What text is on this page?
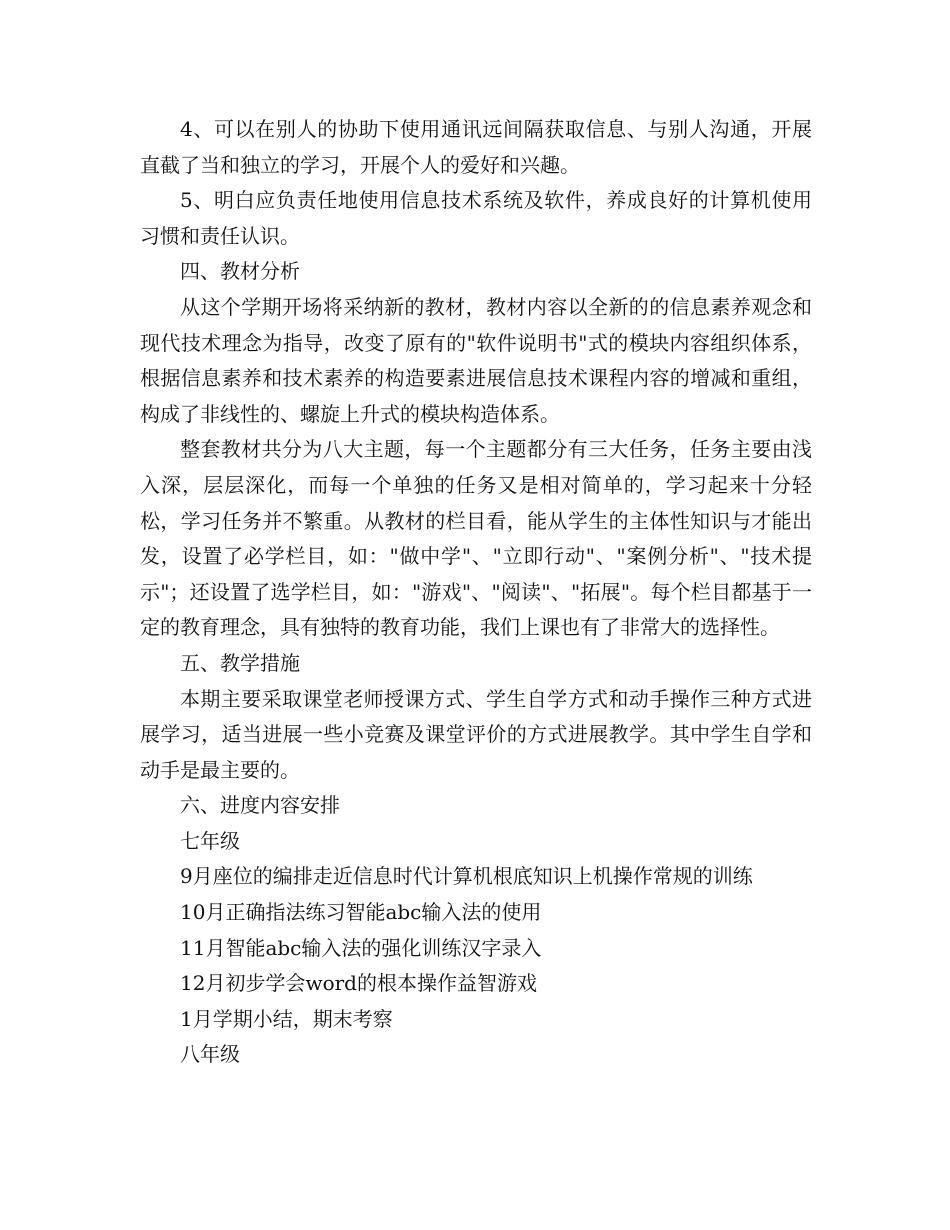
4、可以在别人的协助下使用通讯远间隔获取信息、与别人沟通，开展直截了当和独立的学习，开展个人的爱好和兴趣。

5、明白应负责任地使用信息技术系统及软件，养成良好的计算机使用习惯和责任认识。

四、教材分析

从这个学期开场将采纳新的教材，教材内容以全新的的信息素养观念和现代技术理念为指导，改变了原有的"软件说明书"式的模块内容组织体系，根据信息素养和技术素养的构造要素进展信息技术课程内容的增减和重组，构成了非线性的、螺旋上升式的模块构造体系。

整套教材共分为八大主题，每一个主题都分有三大任务，任务主要由浅入深，层层深化，而每一个单独的任务又是相对简单的，学习起来十分轻松，学习任务并不繁重。从教材的栏目看，能从学生的主体性知识与才能出发，设置了必学栏目，如："做中学"、"立即行动"、"案例分析"、"技术提示"；还设置了选学栏目，如："游戏"、"阅读"、"拓展"。每个栏目都基于一定的教育理念，具有独特的教育功能，我们上课也有了非常大的选择性。

五、教学措施

本期主要采取课堂老师授课方式、学生自学方式和动手操作三种方式进展学习，适当进展一些小竞赛及课堂评价的方式进展教学。其中学生自学和动手是最主要的。

六、进度内容安排

七年级

9月座位的编排走近信息时代计算机根底知识上机操作常规的训练

10月正确指法练习智能abc输入法的使用

11月智能abc输入法的强化训练汉字录入

12月初步学会word的根本操作益智游戏

1月学期小结，期末考察

八年级
